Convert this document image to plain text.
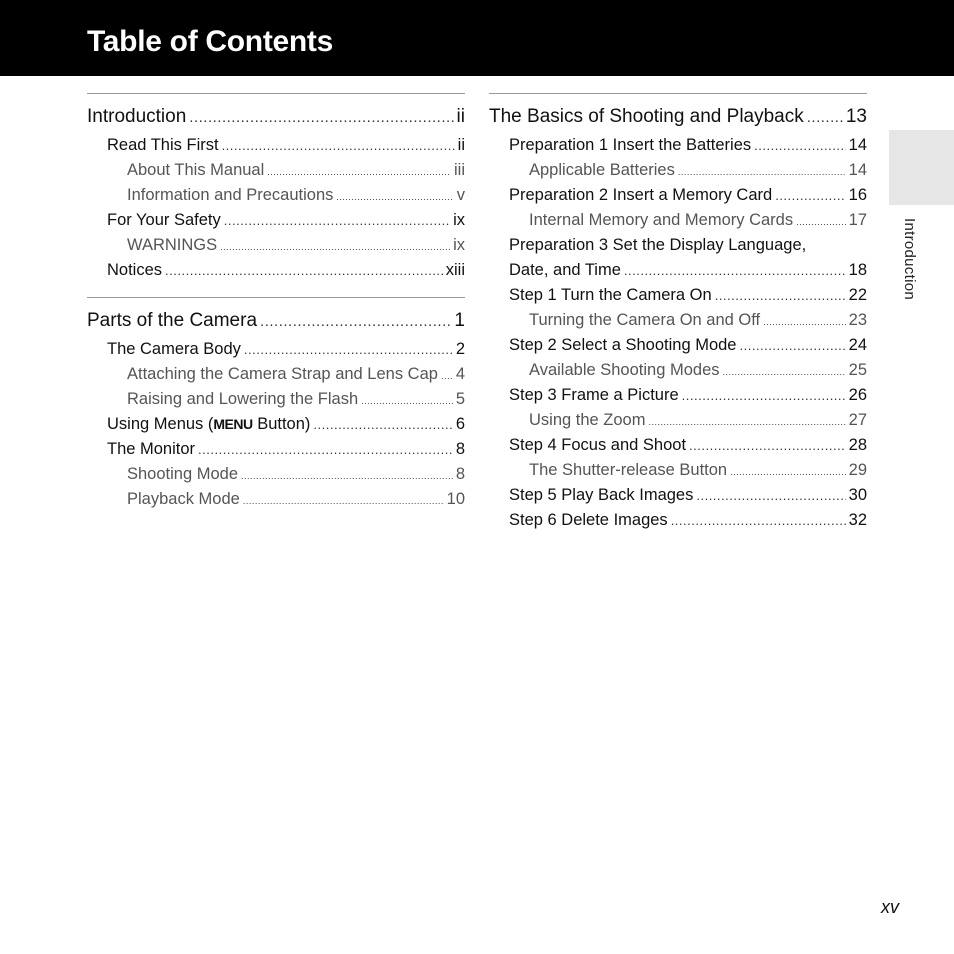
Table of Contents
Introduction
Introduction .....	ii
Read This First .....	ii
About This Manual .....	iii
Information and Precautions .....	v
For Your Safety .....	ix
WARNINGS .....	ix
Notices .....	xiii
Parts of the Camera .....	1
The Camera Body .....	2
Attaching the Camera Strap and Lens Cap ..... 4
Raising and Lowering the Flash .....	5
Using Menus (MENU Button) .....	6
The Monitor .....	8
Shooting Mode .....	8
Playback Mode .....	10
The Basics of Shooting and Playback ..... 13
Preparation 1 Insert the Batteries .....	14
Applicable Batteries .....	14
Preparation 2 Insert a Memory Card .....	16
Internal Memory and Memory Cards .....	17
Preparation 3 Set the Display Language,
Date, and Time .....	18
Step 1 Turn the Camera On .....	22
Turning the Camera On and Off .....	23
Step 2 Select a Shooting Mode .....	24
Available Shooting Modes .....	25
Step 3 Frame a Picture .....	26
Using the Zoom .....	27
Step 4 Focus and Shoot .....	28
The Shutter-release Button .....	29
Step 5 Play Back Images .....	30
Step 6 Delete Images .....	32
xv
